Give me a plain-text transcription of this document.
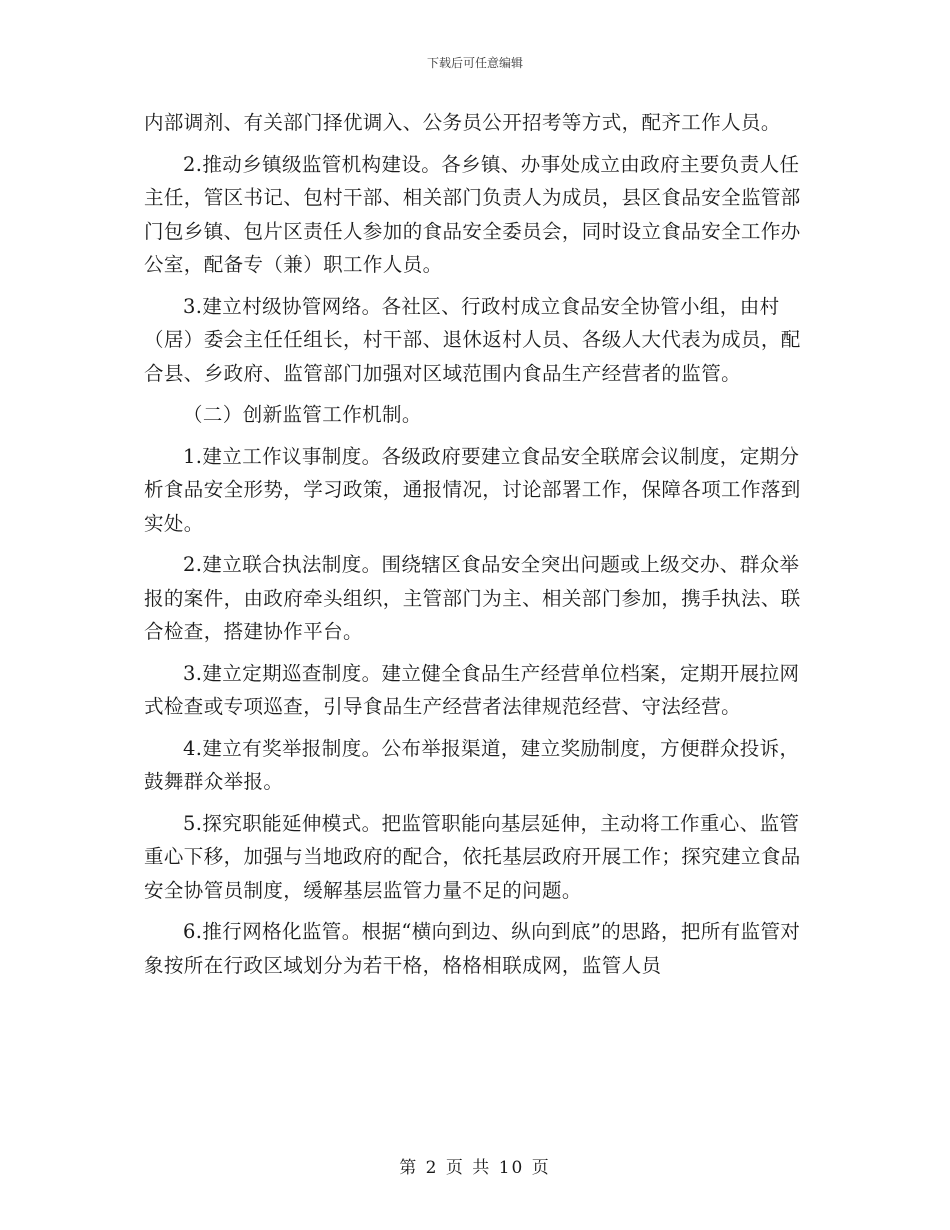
下载后可任意编辑

内部调剂、有关部门择优调入、公务员公开招考等方式，配齐工作人员。

2.推动乡镇级监管机构建设。各乡镇、办事处成立由政府主要负责人任主任，管区书记、包村干部、相关部门负责人为成员，县区食品安全监管部门包乡镇、包片区责任人参加的食品安全委员会，同时设立食品安全工作办公室，配备专（兼）职工作人员。

3.建立村级协管网络。各社区、行政村成立食品安全协管小组，由村（居）委会主任任组长，村干部、退休返村人员、各级人大代表为成员，配合县、乡政府、监管部门加强对区域范围内食品生产经营者的监管。

（二）创新监管工作机制。

1.建立工作议事制度。各级政府要建立食品安全联席会议制度，定期分析食品安全形势，学习政策，通报情况，讨论部署工作，保障各项工作落到实处。

2.建立联合执法制度。围绕辖区食品安全突出问题或上级交办、群众举报的案件，由政府牵头组织，主管部门为主、相关部门参加，携手执法、联合检查，搭建协作平台。

3.建立定期巡查制度。建立健全食品生产经营单位档案，定期开展拉网式检查或专项巡查，引导食品生产经营者法律规范经营、守法经营。

4.建立有奖举报制度。公布举报渠道，建立奖励制度，方便群众投诉，鼓舞群众举报。

5.探究职能延伸模式。把监管职能向基层延伸，主动将工作重心、监管重心下移，加强与当地政府的配合，依托基层政府开展工作；探究建立食品安全协管员制度，缓解基层监管力量不足的问题。

6.推行网格化监管。根据“横向到边、纵向到底”的思路，把所有监管对象按所在行政区域划分为若干格，格格相联成网，监管人员

第 2 页 共 10 页
